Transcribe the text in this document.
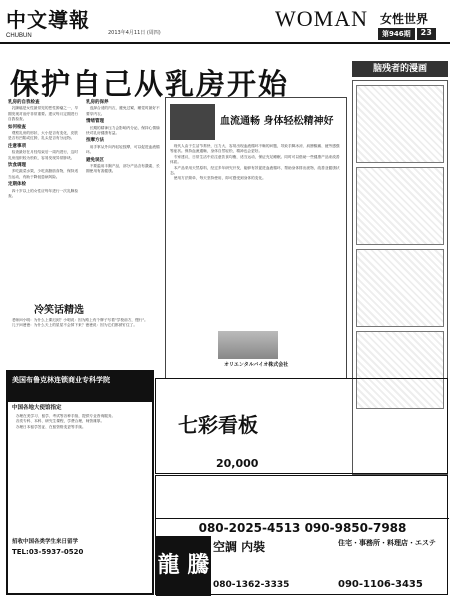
中文導報
CHUBUN	2013年4月11日 (周四)
WOMAN 女性世界
第946期	23
保护自己从乳房开始	脑残者的漫画
乳房的自我检查

乳腺癌是女性最常见的恶性肿瘤之一，早期发现对治疗非常重要。建议每月定期进行自我检查。

如何检查

观察乳房的形状、大小是否有变化，皮肤是否有凹陷或红肿，乳头是否有分泌物。

注意事项

检查最好在月经结束后一周内进行，这时乳房组织较为松软，容易发现异常肿块。

饮食调理

多吃蔬菜水果，少吃高脂肪食物，保持适当运动，有助于降低患病风险。

定期体检

四十岁以上的女性应每年进行一次乳腺检查。

乳房的保养

选择合适的内衣，避免过紧，睡觉时最好不要穿内衣。

情绪管理

长期的精神压力会影响内分泌，保持心情愉快对乳房健康有益。

按摩方法

用手掌从外向内轻轻按摩，可以促进血液循环。

避免误区

不要滥用丰胸产品，部分产品含有激素，长期使用有害健康。

血流通畅 身体轻松精神好

现代人由于生活节奏快、压力大，容易出现血液循环不畅的问题，导致手脚冰凉、肩膀酸痛、疲劳感强等症状。保持血流通畅，身体自然轻松，精神也会更好。

专家建议，日常生活中应注意饮食均衡，适当运动，保证充足睡眠。同时可以借助一些健康产品来改善体质。

本产品采用天然原料，经过多年研究开发，能够有效促进血液循环，帮助身体排出废物，改善亚健康状态。

使用方法简单，每天坚持使用，即可感受到身体的变化。

オリエンタルバイオ株式会社
冷笑话精选

老师问小明：为什么上课迟到？小明说：因为路上有个牌子写着"学校前方，慢行"。

儿子问爸爸：为什么天上的星星不会掉下来？爸爸说：因为它们都被钉住了。

美国布鲁克林连锁商业专科学院
中国各地大使馆指定

办理在美学习、留学、考试等各种手续，提供专业咨询服务。

各类专科、本科、研究生课程，学费合理，师资雄厚。

办理日本留学签证、在留资格变更等手续。

招收中国各类学生来日留学
TEL:03-5937-0520
七彩看板
20,000
080-2025-4513 090-9850-7988
龍 騰
空調 内裝
080-1362-3335
住宅・事務所・料理店・エステ
090-1106-3435
